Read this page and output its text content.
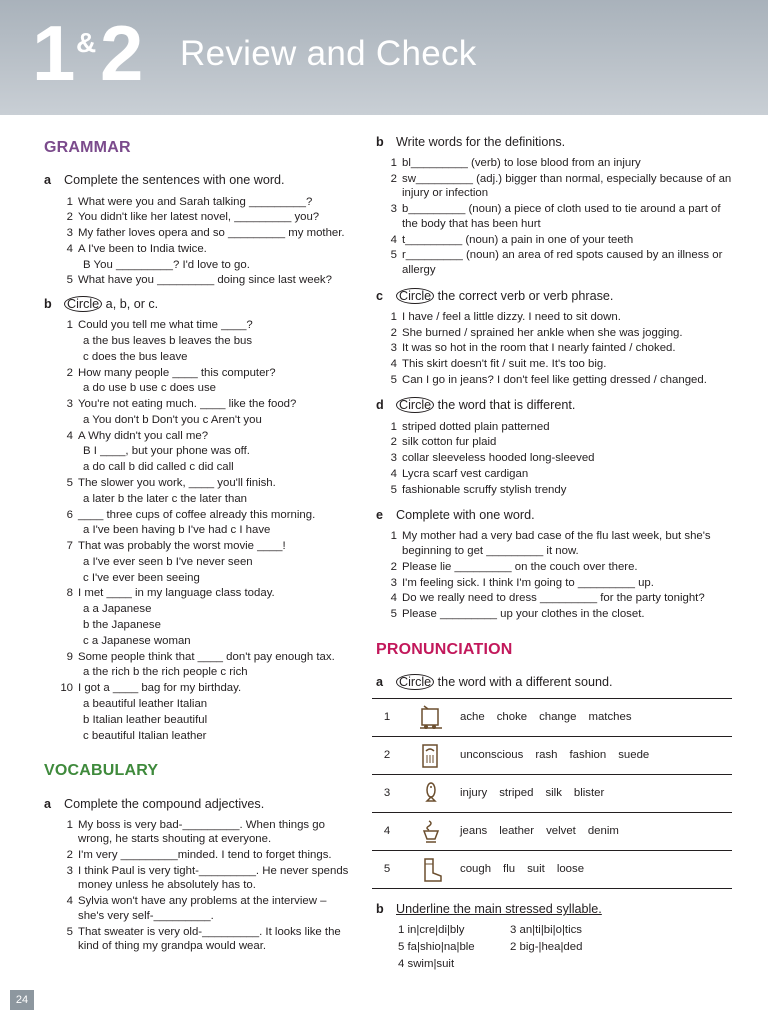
1 & 2 Review and Check
GRAMMAR
a	Complete the sentences with one word.
1 What were you and Sarah talking _________?
2 You didn't like her latest novel, _________ you?
3 My father loves opera and so _________ my mother.
4 A I've been to India twice.
B You _________? I'd love to go.
5 What have you _________ doing since last week?
b	Circle a, b, or c.
1 Could you tell me what time ____?
a the bus leaves b leaves the bus
c does the bus leave
2 How many people ____ this computer?
a do use b use c does use
3 You're not eating much. ____ like the food?
a You don't b Don't you c Aren't you
4 A Why didn't you call me?
B I ____, but your phone was off.
a do call b did called c did call
5 The slower you work, ____ you'll finish.
a later b the later c the later than
6 ____ three cups of coffee already this morning.
a I've been having b I've had c I have
7 That was probably the worst movie ____!
a I've ever seen b I've never seen
c I've ever been seeing
8 I met ____ in my language class today.
a a Japanese
b the Japanese
c a Japanese woman
9 Some people think that ____ don't pay enough tax.
a the rich b the rich people c rich
10 I got a ____ bag for my birthday.
a beautiful leather Italian
b Italian leather beautiful
c beautiful Italian leather
VOCABULARY
a	Complete the compound adjectives.
1 My boss is very bad-_________. When things go wrong, he starts shouting at everyone.
2 I'm very _________minded. I tend to forget things.
3 I think Paul is very tight-_________. He never spends money unless he absolutely has to.
4 Sylvia won't have any problems at the interview – she's very self-_________.
5 That sweater is very old-_________. It looks like the kind of thing my grandpa would wear.
b Write words for the definitions.
1 bl_________ (verb) to lose blood from an injury
2 sw_________ (adj.) bigger than normal, especially because of an injury or infection
3 b_________ (noun) a piece of cloth used to tie around a part of the body that has been hurt
4 t_________ (noun) a pain in one of your teeth
5 r_________ (noun) an area of red spots caused by an illness or allergy
c	Circle the correct verb or verb phrase.
1 I have / feel a little dizzy. I need to sit down.
2 She burned / sprained her ankle when she was jogging.
3 It was so hot in the room that I nearly fainted / choked.
4 This skirt doesn't fit / suit me. It's too big.
5 Can I go in jeans? I don't feel like getting dressed / changed.
d	Circle the word that is different.
1 striped dotted plain patterned
2 silk cotton fur plaid
3 collar sleeveless hooded long-sleeved
4 Lycra scarf vest cardigan
5 fashionable scruffy stylish trendy
e	Complete with one word.
1 My mother had a very bad case of the flu last week, but she's beginning to get _________ it now.
2 Please lie _________ on the couch over there.
3 I'm feeling sick. I think I'm going to _________ up.
4 Do we really need to dress _________ for the party tonight?
5 Please _________ up your clothes in the closet.
PRONUNCIATION
a	Circle the word with a different sound.
1	ache choke change matches
2	unconscious rash fashion suede
3	injury striped silk blister
4	jeans leather velvet denim
5	cough flu suit loose
b Underline the main stressed syllable.
1 in|cre|di|bly	3 an|ti|bi|o|tics
5 fa|shio|na|ble	2 big-|hea|ded
4 swim|suit
24
